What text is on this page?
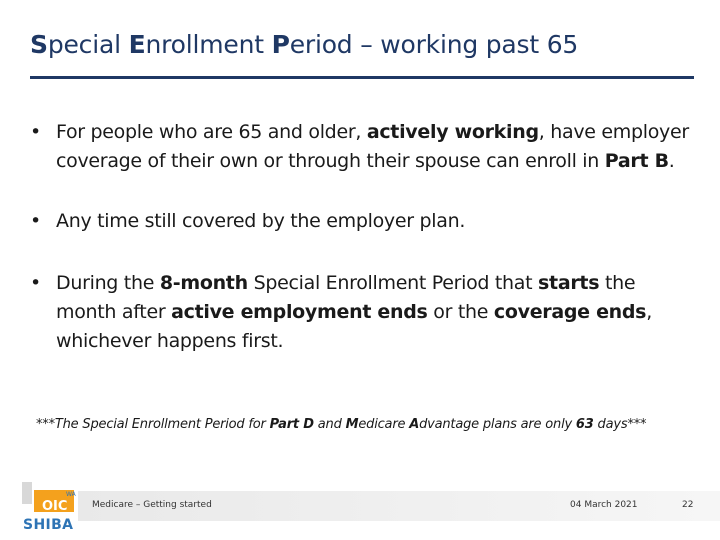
Special Enrollment Period – working past 65
• For people who are 65 and older, actively working, have employer coverage of their own or through their spouse can enroll in Part B.
• Any time still covered by the employer plan.
• During the 8-month Special Enrollment Period that starts the month after active employment ends or the coverage ends, whichever happens first.
***The Special Enrollment Period for Part D and Medicare Advantage plans are only 63 days***
Medicare – Getting started	04 March 2021	22
WA
OIC
SHIBA
